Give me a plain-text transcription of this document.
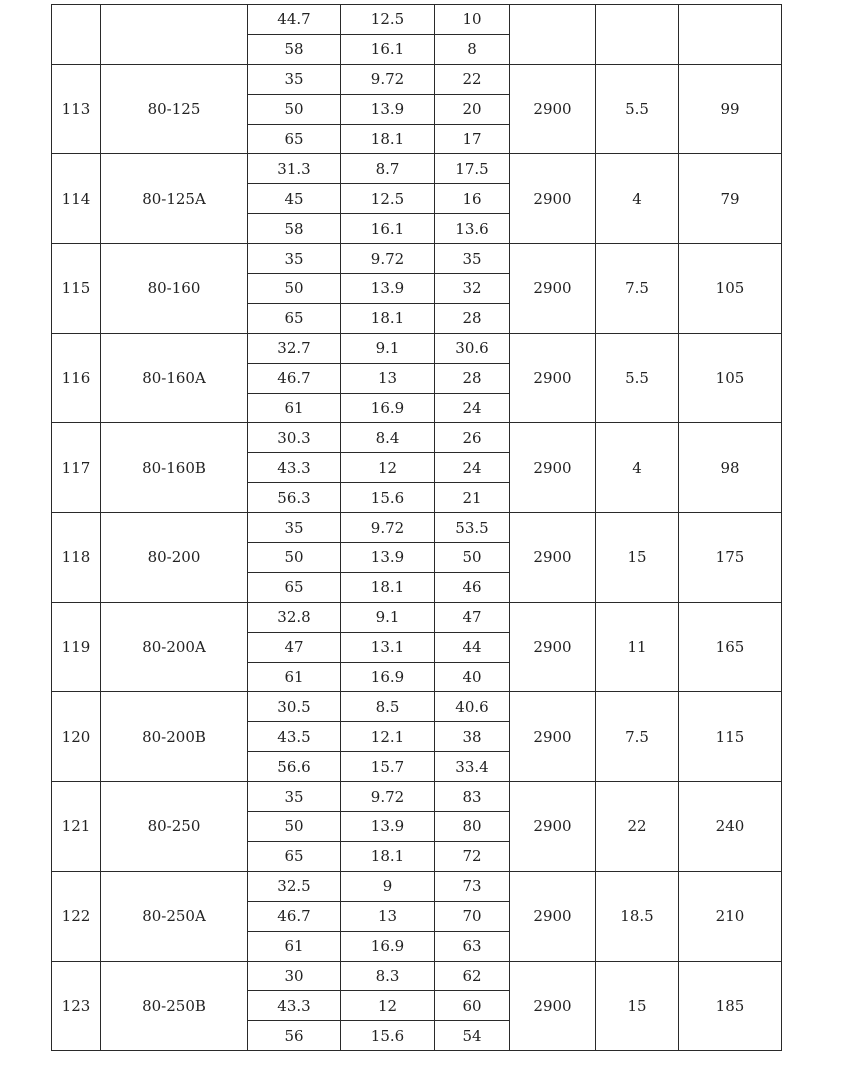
		44.7	12.5	10			
		58	16.1	8			
113	80-125	35	9.72	22	2900	5.5	99
		50	13.9	20			
		65	18.1	17			
114	80-125A	31.3	8.7	17.5	2900	4	79
		45	12.5	16			
		58	16.1	13.6			
115	80-160	35	9.72	35	2900	7.5	105
		50	13.9	32			
		65	18.1	28			
116	80-160A	32.7	9.1	30.6	2900	5.5	105
		46.7	13	28			
		61	16.9	24			
117	80-160B	30.3	8.4	26	2900	4	98
		43.3	12	24			
		56.3	15.6	21			
118	80-200	35	9.72	53.5	2900	15	175
		50	13.9	50			
		65	18.1	46			
119	80-200A	32.8	9.1	47	2900	11	165
		47	13.1	44			
		61	16.9	40			
120	80-200B	30.5	8.5	40.6	2900	7.5	115
		43.5	12.1	38			
		56.6	15.7	33.4			
121	80-250	35	9.72	83	2900	22	240
		50	13.9	80			
		65	18.1	72			
122	80-250A	32.5	9	73	2900	18.5	210
		46.7	13	70			
		61	16.9	63			
123	80-250B	30	8.3	62	2900	15	185
		43.3	12	60			
		56	15.6	54			
